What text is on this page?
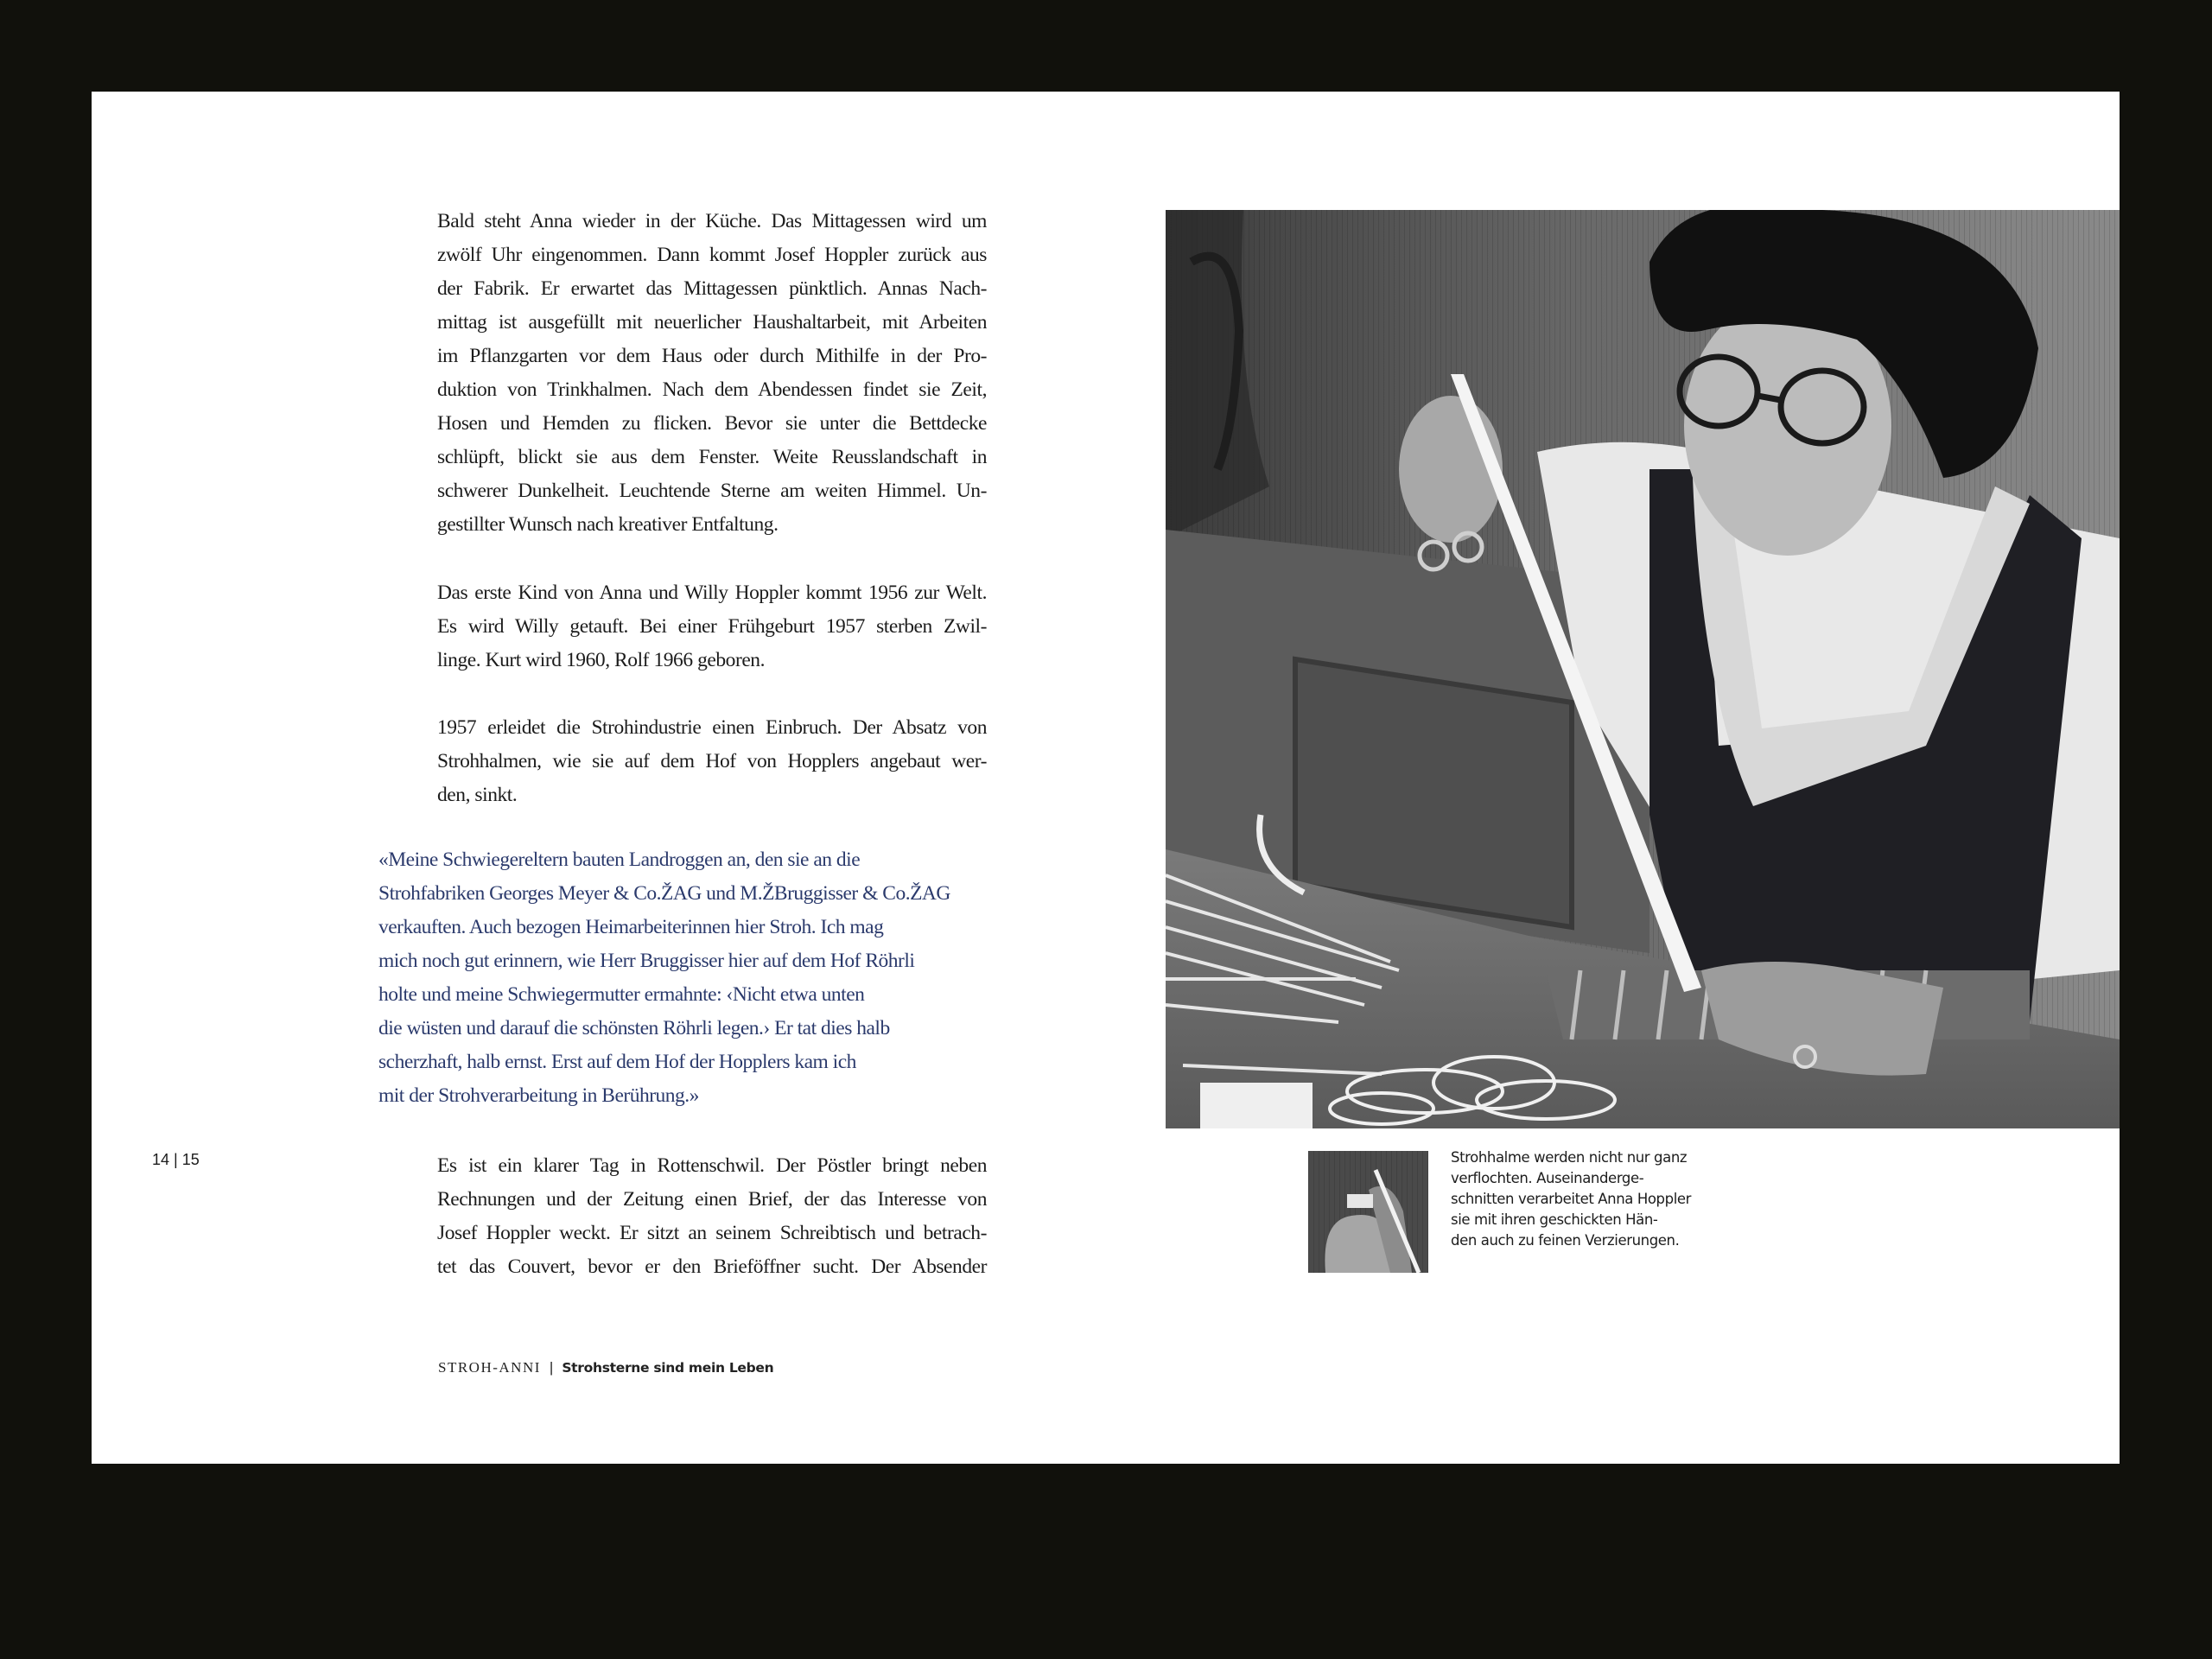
Bald steht Anna wieder in der Küche. Das Mittagessen wird um
zwölf Uhr eingenommen. Dann kommt Josef Hoppler zurück aus
der Fabrik. Er erwartet das Mittagessen pünktlich. Annas Nach-
mittag ist ausgefüllt mit neuerlicher Haushaltarbeit, mit Arbeiten
im Pflanzgarten vor dem Haus oder durch Mithilfe in der Pro-
duktion von Trinkhalmen. Nach dem Abendessen findet sie Zeit,
Hosen und Hemden zu flicken. Bevor sie unter die Bettdecke
schlüpft, blickt sie aus dem Fenster. Weite Reusslandschaft in
schwerer Dunkelheit. Leuchtende Sterne am weiten Himmel. Un-
gestillter Wunsch nach kreativer Entfaltung.
Das erste Kind von Anna und Willy Hoppler kommt 1956 zur Welt.
Es wird Willy getauft. Bei einer Frühgeburt 1957 sterben Zwil-
linge. Kurt wird 1960, Rolf 1966 geboren.
1957 erleidet die Strohindustrie einen Einbruch. Der Absatz von
Strohhalmen, wie sie auf dem Hof von Hopplers angebaut wer-
den, sinkt.
«Meine Schwiegereltern bauten Landroggen an, den sie an die
Strohfabriken Georges Meyer & Co.ŽAG und M.ŽBruggisser & Co.ŽAG
verkauften. Auch bezogen Heimarbeiterinnen hier Stroh. Ich mag
mich noch gut erinnern, wie Herr Bruggisser hier auf dem Hof Röhrli
holte und meine Schwiegermutter ermahnte: ‹Nicht etwa unten
die wüsten und darauf die schönsten Röhrli legen.› Er tat dies halb
scherzhaft, halb ernst. Erst auf dem Hof der Hopplers kam ich
mit der Strohverarbeitung in Berührung.»
14 | 15	Es ist ein klarer Tag in Rottenschwil. Der Pöstler bringt neben
Rechnungen und der Zeitung einen Brief, der das Interesse von
Josef Hoppler weckt. Er sitzt an seinem Schreibtisch und betrach-
tet das Couvert, bevor er den Brieföffner sucht. Der Absender
STROH-ANNI | Strohsterne sind mein Leben
Strohhalme werden nicht nur ganz
verflochten. Auseinanderge-
schnitten verarbeitet Anna Hoppler
sie mit ihren geschickten Hän-
den auch zu feinen Verzierungen.
